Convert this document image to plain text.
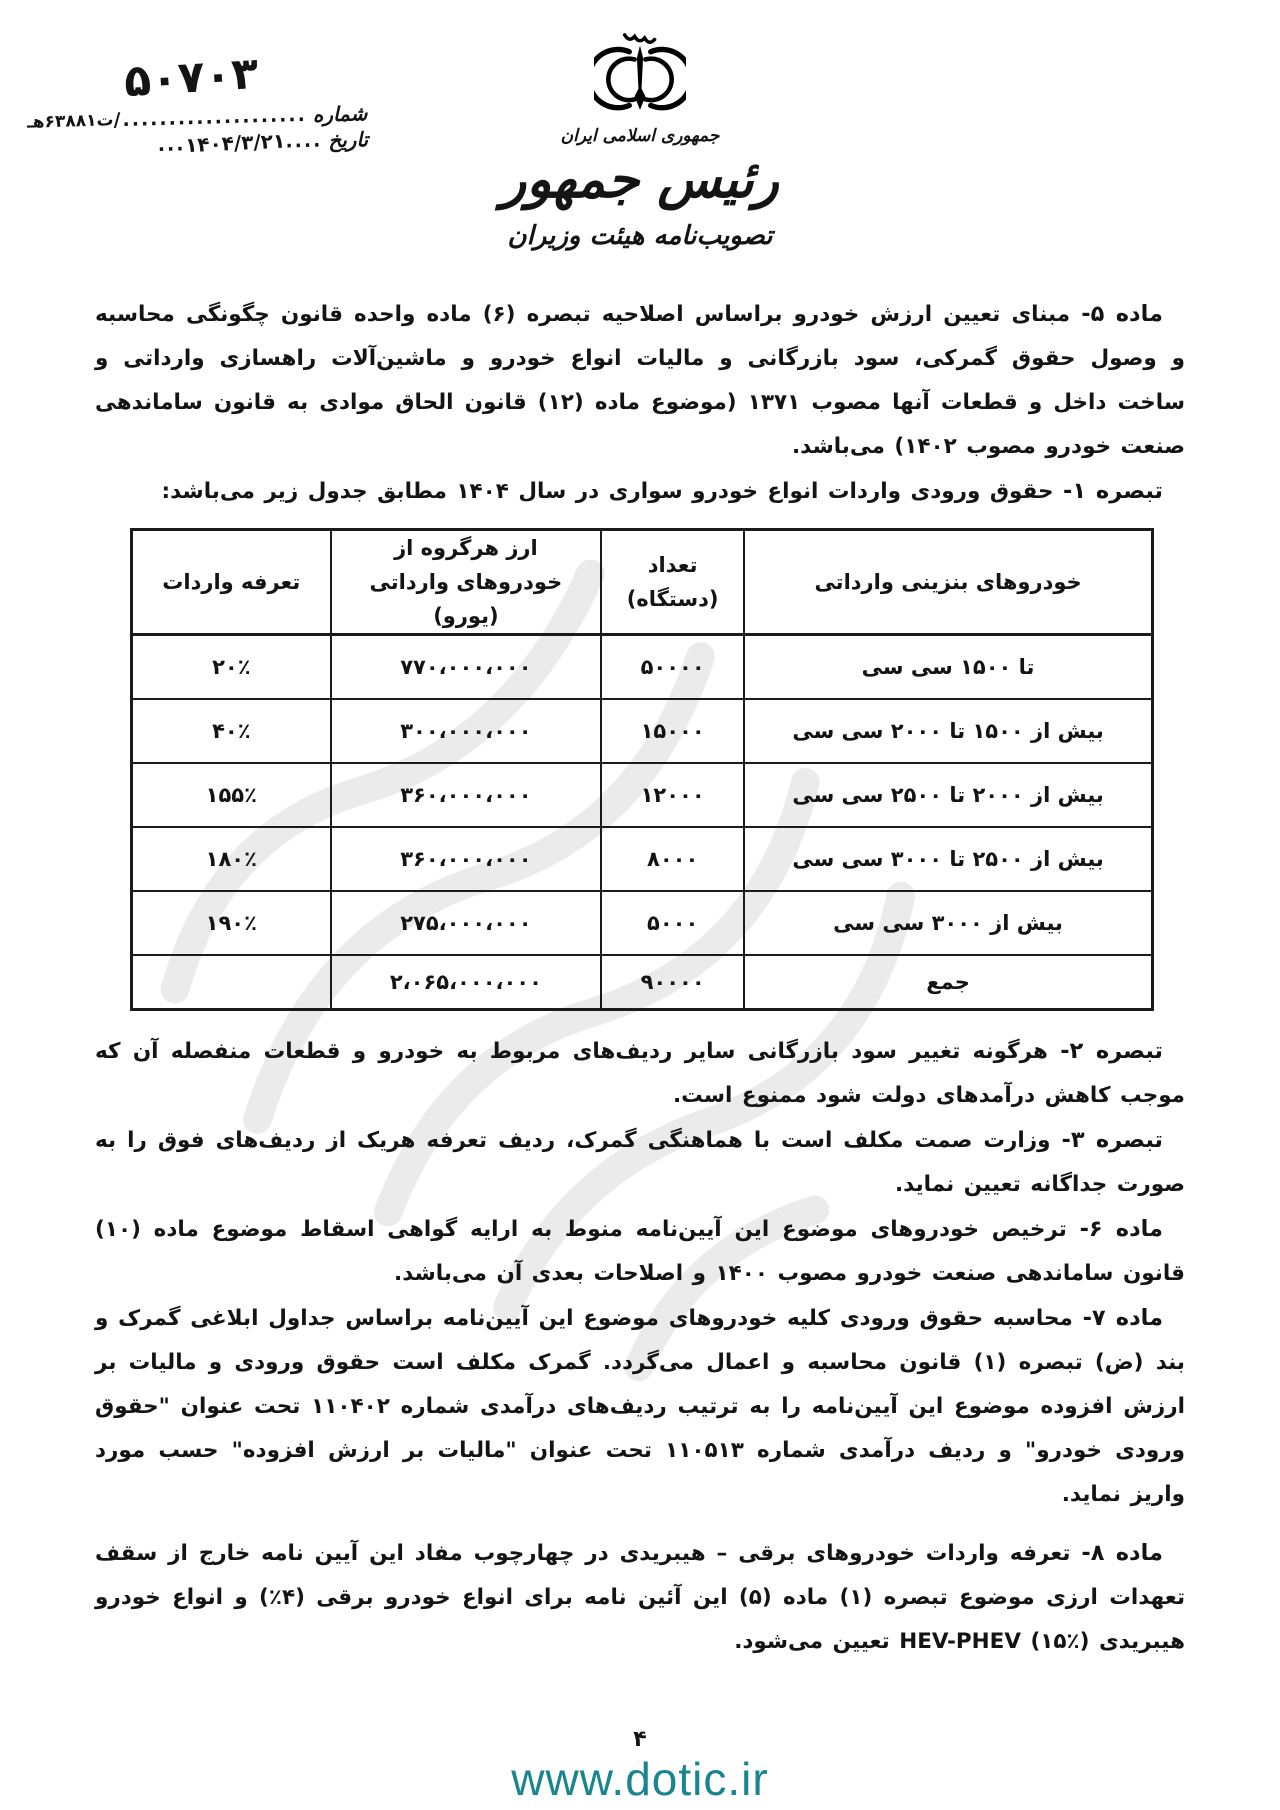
۵۰۷۰۳
شماره
..................../
ت۶۳۸۸۱هـ
تاریخ
....
۱۴۰۴/۳/۲۱
...	جمهوری اسلامی ایران
رئیس جمهور
تصویب‌نامه هیئت وزیران

ماده ۵- مبنای تعیین ارزش خودرو براساس اصلاحیه تبصره (۶) ماده واحده قانون چگونگی محاسبه و وصول حقوق گمرکی، سود بازرگانی و مالیات انواع خودرو و ماشین‌آلات راهسازی وارداتی و ساخت داخل و قطعات آنها مصوب ۱۳۷۱ (موضوع ماده (۱۲) قانون الحاق موادی به قانون ساماندهی صنعت خودرو مصوب ۱۴۰۲) می‌باشد.

تبصره ۱- حقوق ورودی واردات انواع خودرو سواری در سال ۱۴۰۴ مطابق جدول زیر می‌باشد:

خودروهای بنزینی وارداتی	تعداد (دستگاه)	ارز هرگروه از خودروهای وارداتی (یورو)	تعرفه واردات
تا ۱۵۰۰ سی سی	۵۰۰۰۰	۷۷۰،۰۰۰،۰۰۰	۲۰٪
بیش از ۱۵۰۰ تا ۲۰۰۰ سی سی	۱۵۰۰۰	۳۰۰،۰۰۰،۰۰۰	۴۰٪
بیش از ۲۰۰۰ تا ۲۵۰۰ سی سی	۱۲۰۰۰	۳۶۰،۰۰۰،۰۰۰	۱۵۵٪
بیش از ۲۵۰۰ تا ۳۰۰۰ سی سی	۸۰۰۰	۳۶۰،۰۰۰،۰۰۰	۱۸۰٪
بیش از ۳۰۰۰ سی سی	۵۰۰۰	۲۷۵،۰۰۰،۰۰۰	۱۹۰٪
جمع	۹۰۰۰۰	۲،۰۶۵،۰۰۰،۰۰۰	

تبصره ۲- هرگونه تغییر سود بازرگانی سایر ردیف‌های مربوط به خودرو و قطعات منفصله آن که موجب کاهش درآمدهای دولت شود ممنوع است.

تبصره ۳- وزارت صمت مکلف است با هماهنگی گمرک، ردیف تعرفه هریک از ردیف‌های فوق را به صورت جداگانه تعیین نماید.

ماده ۶- ترخیص خودروهای موضوع این آیین‌نامه منوط به ارایه گواهی اسقاط موضوع ماده (۱۰) قانون ساماندهی صنعت خودرو مصوب ۱۴۰۰ و اصلاحات بعدی آن می‌باشد.

ماده ۷- محاسبه حقوق ورودی کلیه خودروهای موضوع این آیین‌نامه براساس جداول ابلاغی گمرک و بند (ض) تبصره (۱) قانون محاسبه و اعمال می‌گردد. گمرک مکلف است حقوق ورودی و مالیات بر ارزش افزوده موضوع این آیین‌نامه را به ترتیب ردیف‌های درآمدی شماره ۱۱۰۴۰۲ تحت عنوان "حقوق ورودی خودرو" و ردیف درآمدی شماره ۱۱۰۵۱۳ تحت عنوان "مالیات بر ارزش افزوده" حسب مورد واریز نماید.

ماده ۸- تعرفه واردات خودروهای برقی – هیبریدی در چهارچوب مفاد این آیین نامه خارج از سقف تعهدات ارزی موضوع تبصره (۱) ماده (۵) این آئین نامه برای انواع خودرو برقی (۴٪) و انواع خودرو هیبریدی HEV-PHEV (۱۵٪) تعیین می‌شود.

۴
www.dotic.ir
